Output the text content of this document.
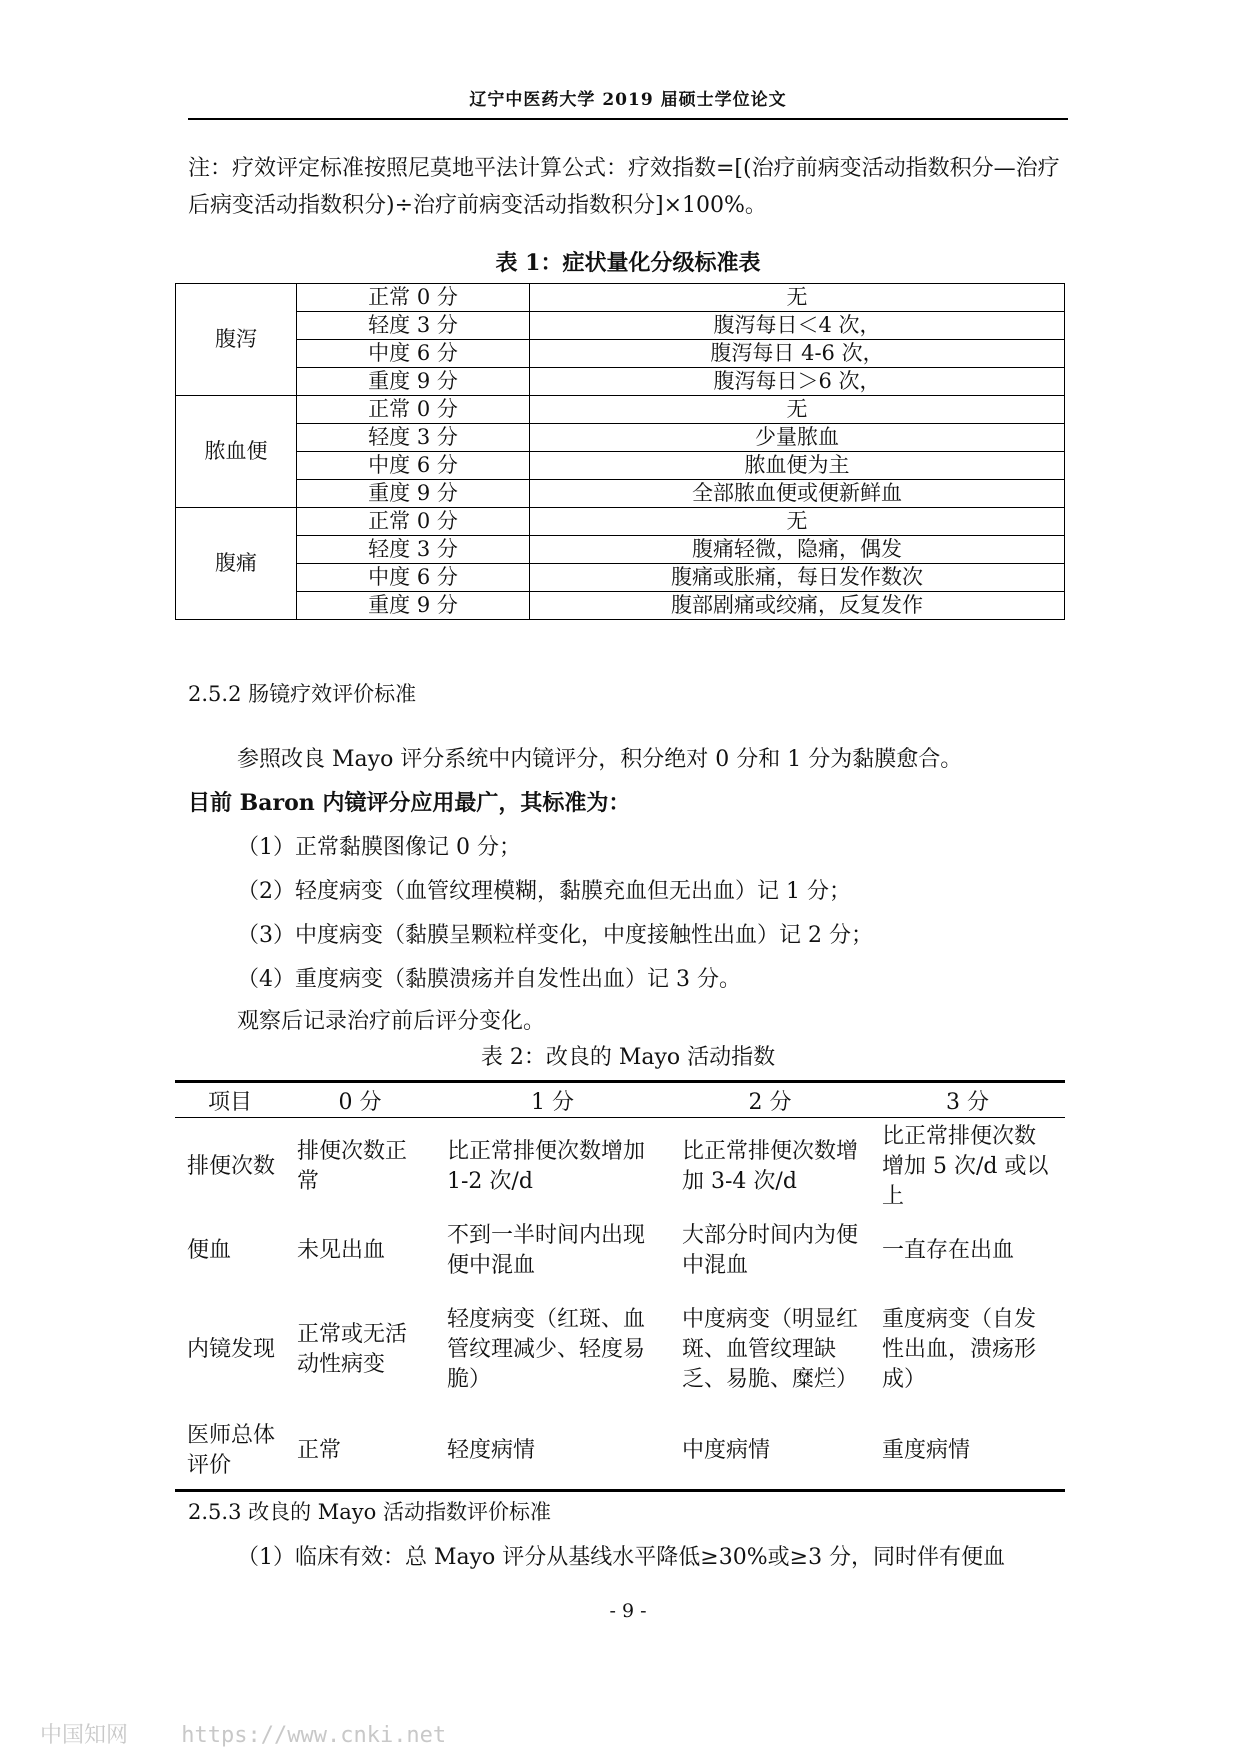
辽宁中医药大学 2019 届硕士学位论文
注：疗效评定标准按照尼莫地平法计算公式：疗效指数=[(治疗前病变活动指数积分—治疗后病变活动指数积分)÷治疗前病变活动指数积分]×100%。
表 1：症状量化分级标准表
腹泻	正常 0 分	无
	轻度 3 分	腹泻每日＜4 次，
	中度 6 分	腹泻每日 4-6 次，
	重度 9 分	腹泻每日＞6 次，
脓血便	正常 0 分	无
	轻度 3 分	少量脓血
	中度 6 分	脓血便为主
	重度 9 分	全部脓血便或便新鲜血
腹痛	正常 0 分	无
	轻度 3 分	腹痛轻微，隐痛，偶发
	中度 6 分	腹痛或胀痛，每日发作数次
	重度 9 分	腹部剧痛或绞痛，反复发作
2.5.2 肠镜疗效评价标准
参照改良 Mayo 评分系统中内镜评分，积分绝对 0 分和 1 分为黏膜愈合。
目前 Baron 内镜评分应用最广，其标准为：
（1）正常黏膜图像记 0 分；
（2）轻度病变（血管纹理模糊，黏膜充血但无出血）记 1 分；
（3）中度病变（黏膜呈颗粒样变化，中度接触性出血）记 2 分；
（4）重度病变（黏膜溃疡并自发性出血）记 3 分。
观察后记录治疗前后评分变化。
表 2：改良的 Mayo 活动指数
项目	0 分	1 分	2 分	3 分
排便次数	排便次数正常	比正常排便次数增加 1-2 次/d	比正常排便次数增加 3-4 次/d	比正常排便次数增加 5 次/d 或以上
便血	未见出血	不到一半时间内出现便中混血	大部分时间内为便中混血	一直存在出血
内镜发现	正常或无活动性病变	轻度病变（红斑、血管纹理减少、轻度易脆）	中度病变（明显红斑、血管纹理缺乏、易脆、糜烂）	重度病变（自发性出血，溃疡形成）
医师总体评价	正常	轻度病情	中度病情	重度病情
2.5.3 改良的 Mayo 活动指数评价标准
（1）临床有效：总 Mayo 评分从基线水平降低≥30%或≥3 分，同时伴有便血
- 9 -
中国知网 https://www.cnki.net
